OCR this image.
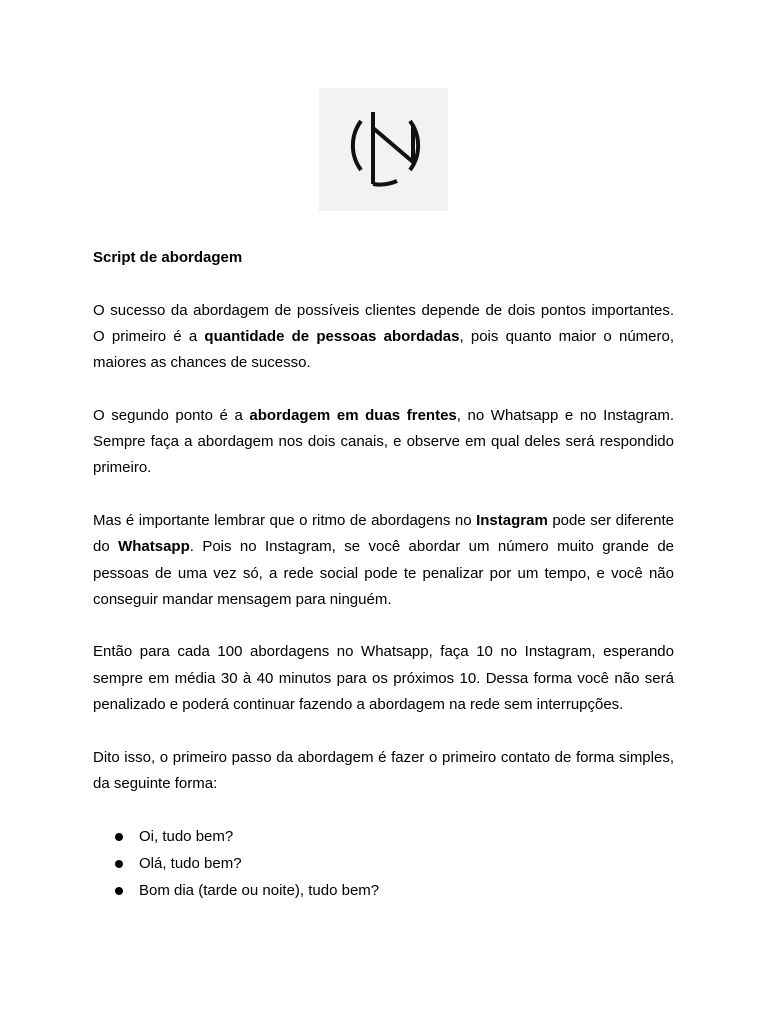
Script de abordagem

O sucesso da abordagem de possíveis clientes depende de dois pontos importantes. O primeiro é a quantidade de pessoas abordadas, pois quanto maior o número, maiores as chances de sucesso.

O segundo ponto é a abordagem em duas frentes, no Whatsapp e no Instagram. Sempre faça a abordagem nos dois canais, e observe em qual deles será respondido primeiro.

Mas é importante lembrar que o ritmo de abordagens no Instagram pode ser diferente do Whatsapp. Pois no Instagram, se você abordar um número muito grande de pessoas de uma vez só, a rede social pode te penalizar por um tempo, e você não conseguir mandar mensagem para ninguém.

Então para cada 100 abordagens no Whatsapp, faça 10 no Instagram, esperando sempre em média 30 à 40 minutos para os próximos 10. Dessa forma você não será penalizado e poderá continuar fazendo a abordagem na rede sem interrupções.

Dito isso, o primeiro passo da abordagem é fazer o primeiro contato de forma simples, da seguinte forma:

Oi, tudo bem?
Olá, tudo bem?
Bom dia (tarde ou noite), tudo bem?
